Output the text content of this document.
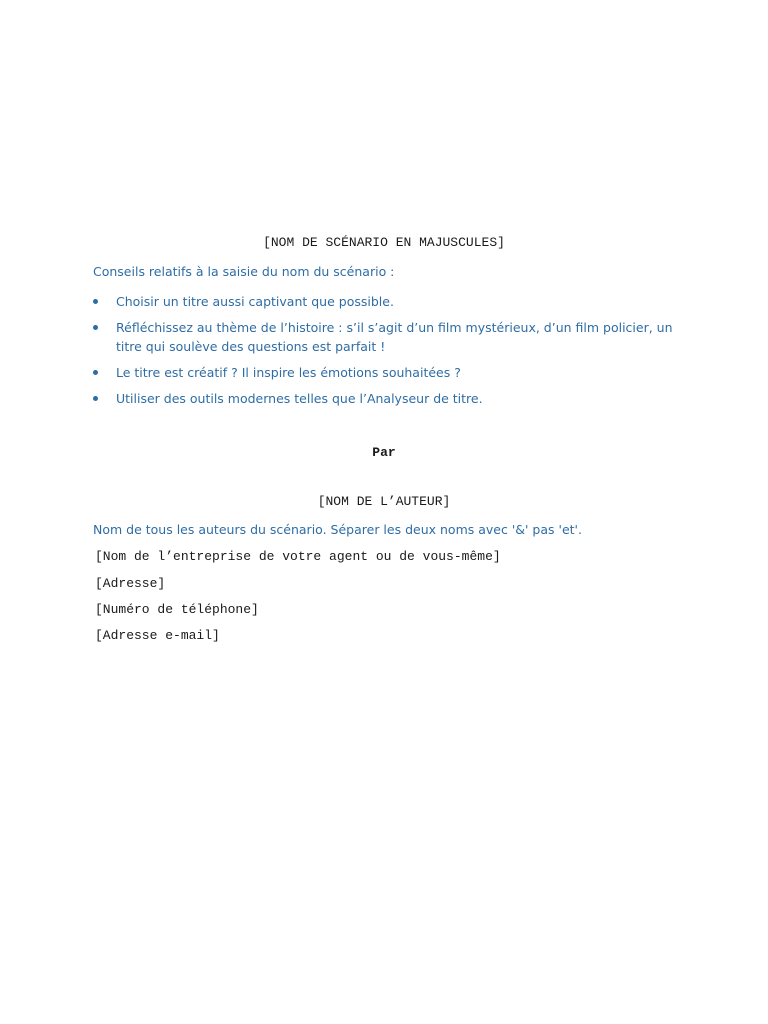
[NOM DE SCÉNARIO EN MAJUSCULES]
Conseils relatifs à la saisie du nom du scénario :
Choisir un titre aussi captivant que possible.
Réfléchissez au thème de l’histoire : s’il s’agit d’un film mystérieux, d’un film policier, un titre qui soulève des questions est parfait !
Le titre est créatif ? Il inspire les émotions souhaitées ?
Utiliser des outils modernes telles que l’Analyseur de titre.
Par
[NOM DE L’AUTEUR]
Nom de tous les auteurs du scénario. Séparer les deux noms avec '&' pas 'et'.
[Nom de l’entreprise de votre agent ou de vous-même]
[Adresse]
[Numéro de téléphone]
[Adresse e-mail]
